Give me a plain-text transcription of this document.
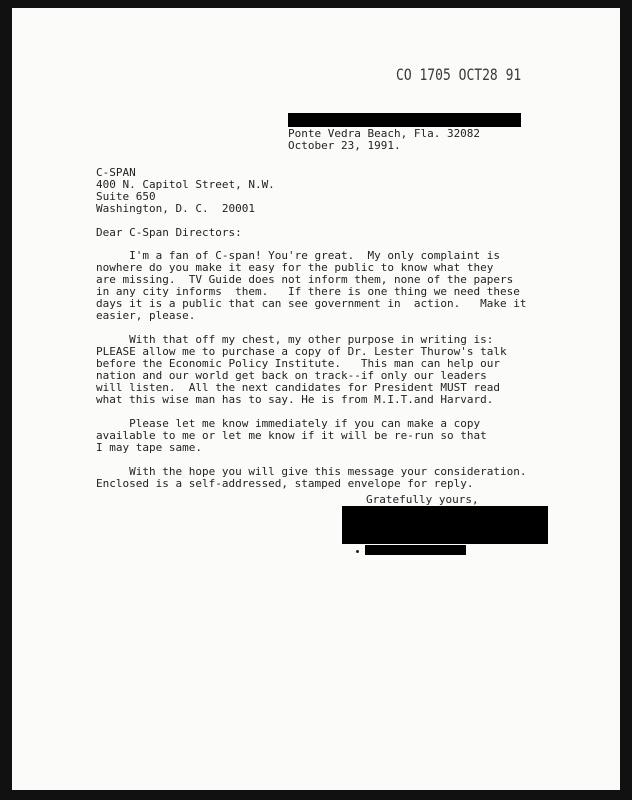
CO 1705 OCT28 91
Ponte Vedra Beach, Fla. 32082
October 23, 1991.
C-SPAN
400 N. Capitol Street, N.W.
Suite 650
Washington, D. C.  20001
Dear C-Span Directors:
I'm a fan of C-span! You're great.  My only complaint is
nowhere do you make it easy for the public to know what they
are missing.  TV Guide does not inform them, none of the papers
in any city informs  them.   If there is one thing we need these
days it is a public that can see government in  action.   Make it
easier, please.
With that off my chest, my other purpose in writing is:
PLEASE allow me to purchase a copy of Dr. Lester Thurow's talk
before the Economic Policy Institute.   This man can help our
nation and our world get back on track--if only our leaders
will listen.  All the next candidates for President MUST read
what this wise man has to say. He is from M.I.T.and Harvard.
Please let me know immediately if you can make a copy
available to me or let me know if it will be re-run so that
I may tape same.
With the hope you will give this message your consideration.
Enclosed is a self-addressed, stamped envelope for reply.
Gratefully yours,
